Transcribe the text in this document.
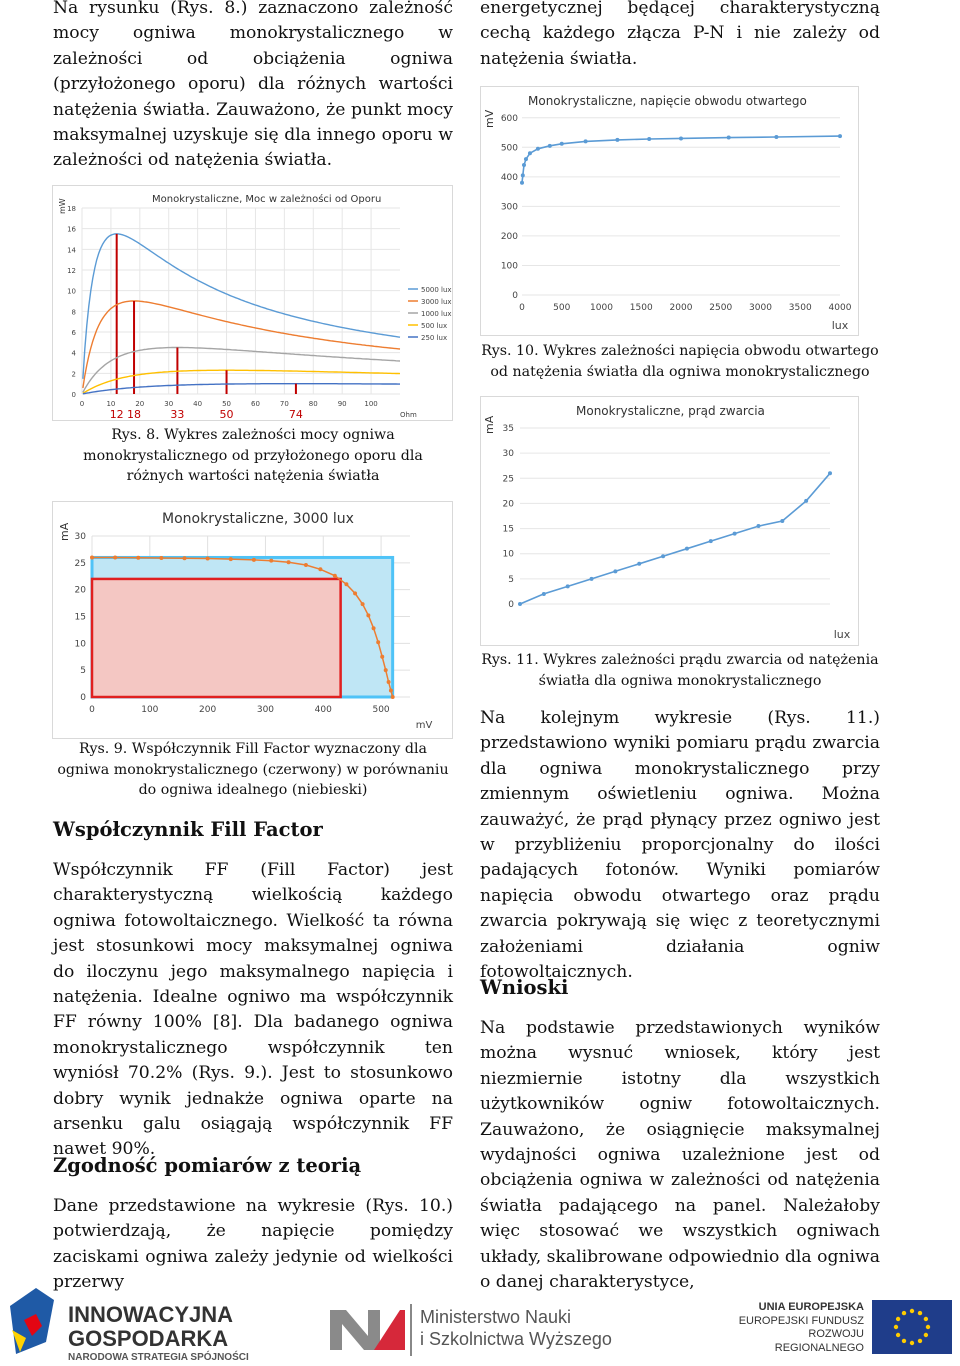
Na rysunku (Rys. 8.) zaznaczono zależność mocy ogniwa monokrystalicznego w zależności od obciążenia ogniwa (przyłożonego oporu) dla różnych wartości natężenia światła. Zauważono, że punkt mocy maksymalnej uzyskuje się dla innego oporu w zależności od natężenia światła.

Monokrystaliczne, Moc w zależności od Oporu
mW
0
2
4
6
8
10
12
14
16
18
0	10	20	30	40	50	60	70	80	90	100
Ohm
12 18	33	50	74
5000 lux
3000 lux
1000 lux
500 lux
250 lux

Rys. 8. Wykres zależności mocy ogniwa monokrystalicznego od przyłożonego oporu dla różnych wartości natężenia światła

Monokrystaliczne, 3000 lux
mA
0
5
10
15
20
25
30
0	100	200	300	400	500
mV

Rys. 9. Współczynnik Fill Factor wyznaczony dla ogniwa monokrystalicznego (czerwony) w porównaniu do ogniwa idealnego (niebieski)

Współczynnik Fill Factor

Współczynnik FF (Fill Factor) jest charakterystyczną wielkością każdego ogniwa fotowoltaicznego. Wielkość ta równa jest stosunkowi mocy maksymalnej ogniwa do iloczynu jego maksymalnego napięcia i natężenia. Idealne ogniwo ma współczynnik FF równy 100% [8]. Dla badanego ogniwa monokrystalicznego współczynnik ten wyniósł 70.2% (Rys. 9.). Jest to stosunkowo dobry wynik jednakże ogniwa oparte na arsenku galu osiągają współczynnik FF nawet 90%.

Zgodność pomiarów z teorią

Dane przedstawione na wykresie (Rys. 10.) potwierdzają, że napięcie pomiędzy zaciskami ogniwa zależy jedynie od wielkości przerwy

energetycznej będącej charakterystyczną cechą każdego złącza P-N i nie zależy od natężenia światła.

Monokrystaliczne, napięcie obwodu otwartego
mV
0
100
200
300
400
500
600
0	500 1000 1500 2000 2500 3000 3500 4000
lux

Rys. 10. Wykres zależności napięcia obwodu otwartego od natężenia światła dla ogniwa monokrystalicznego

Monokrystaliczne, prąd zwarcia
mA
0
5
10
15
20
25
30
35
lux

Rys. 11. Wykres zależności prądu zwarcia od natężenia światła dla ogniwa monokrystalicznego

Na kolejnym wykresie (Rys. 11.) przedstawiono wyniki pomiaru prądu zwarcia dla ogniwa monokrystalicznego przy zmiennym oświetleniu ogniwa. Można zauważyć, że prąd płynący przez ogniwo jest w przybliżeniu proporcjonalny do ilości padających fotonów. Wyniki pomiarów napięcia obwodu otwartego oraz prądu zwarcia pokrywają się więc z teoretycznymi założeniami działania ogniw fotowoltaicznych.

Wnioski

Na podstawie przedstawionych wyników można wysnuć wniosek, który jest niezmiernie istotny dla wszystkich użytkowników ogniw fotowoltaicznych. Zauważono, że osiągnięcie maksymalnej wydajności ogniwa uzależnione jest od obciążenia ogniwa w zależności od natężenia światła padającego na panel. Należałoby więc stosować we wszystkich ogniwach układy, skalibrowane odpowiednio dla ogniwa o danej charakterystyce,

INNOWACYJNA
GOSPODARKA
NARODOWA STRATEGIA SPÓJNOŚCI
Ministerstwo Nauki
i Szkolnictwa Wyższego
UNIA EUROPEJSKA
EUROPEJSKI FUNDUSZ
ROZWOJU REGIONALNEGO
